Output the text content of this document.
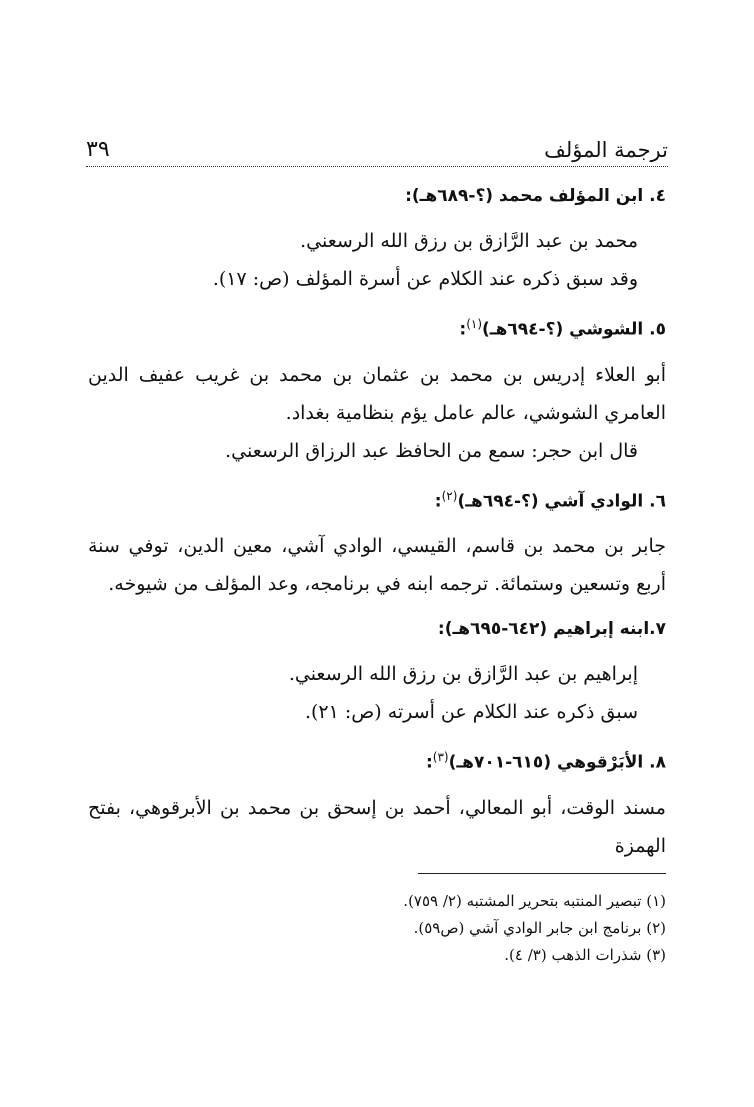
ترجمة المؤلف
٣٩
٤. ابن المؤلف محمد (؟-٦٨٩هـ):

محمد بن عبد الرَّازق بن رزق الله الرسعني.

وقد سبق ذكره عند الكلام عن أسرة المؤلف (ص: ١٧).

٥. الشوشي (؟-٦٩٤هـ)$^{(١)}$:

أبو العلاء إدريس بن محمد بن عثمان بن محمد بن غريب عفيف الدين العامري الشوشي، عالم عامل يؤم بنظامية بغداد.

قال ابن حجر: سمع من الحافظ عبد الرزاق الرسعني.

٦. الوادي آشي (؟-٦٩٤هـ)$^{(٢)}$:

جابر بن محمد بن قاسم، القيسي، الوادي آشي، معين الدين، توفي سنة أربع وتسعين وستمائة. ترجمه ابنه في برنامجه، وعد المؤلف من شيوخه.

٧.ابنه إبراهيم (٦٤٢-٦٩٥هـ):

إبراهيم بن عبد الرَّازق بن رزق الله الرسعني.

سبق ذكره عند الكلام عن أسرته (ص: ٢١).

٨. الأبَرْقوهي (٦١٥-٧٠١هـ)$^{(٣)}$:

مسند الوقت، أبو المعالي، أحمد بن إسحق بن محمد بن الأبرقوهي، بفتح الهمزة

(١) تبصير المنتبه بتحرير المشتبه (٢/ ٧٥٩).

(٢) برنامج ابن جابر الوادي آشي (ص٥٩).

(٣) شذرات الذهب (٣/ ٤).
